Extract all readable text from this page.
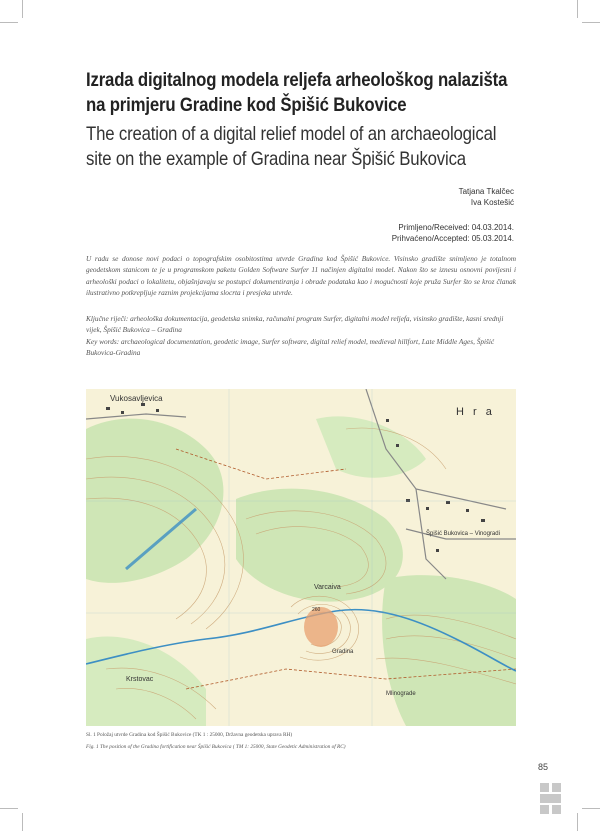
Izrada digitalnog modela reljefa arheološkog nalazišta na primjeru Gradine kod Špišić Bukovice
The creation of a digital relief model of an archaeological site on the example of Gradina near Špišić Bukovica
Tatjana Tkalčec
Iva Kostešić
Primljeno/Received: 04.03.2014.
Prihvaćeno/Accepted: 05.03.2014.
U radu se donose novi podaci o topografskim osobitostima utvrde Gradina kod Špišić Bukovice. Visinsko gradište snimljeno je totalnom geodetskom stanicom te je u programskom paketu Golden Software Surfer 11 načinjen digitalni model. Nakon što se iznesu osnovni povijesni i arheološki podaci o lokalitetu, objašnjavaju se postupci dokumentiranja i obrade podataka kao i mogućnosti koje pruža Surfer što se kroz članak ilustrativno potkrepljuje raznim projekcijama slocrta i presjeka utvrde.
Ključne riječi: arheološka dokumentacija, geodetska snimka, računalni program Surfer, digitalni model reljefa, visinsko gradište, kasni srednji vijek, Špišić Bukovica – Gradina
Key words: archaeological documentation, geodetic image, Surfer software, digital relief model, medieval hillfort, Late Middle Ages, Špišić Bukovica-Gradina
Vukosavljevica
H r a
Špišić Bukovica – Vinogradi
Varcaiva
Gradina
Krstovac
Mlinograde
260
Sl. 1 Položaj utvrde Gradina kod Špišić Bukovice (TK 1 : 25000, Državna geodetska uprava RH)
Fig. 1 The position of the Gradina fortification near Špišić Bukovica ( TM 1: 25000, State Geodetic Administration of RC)
85
